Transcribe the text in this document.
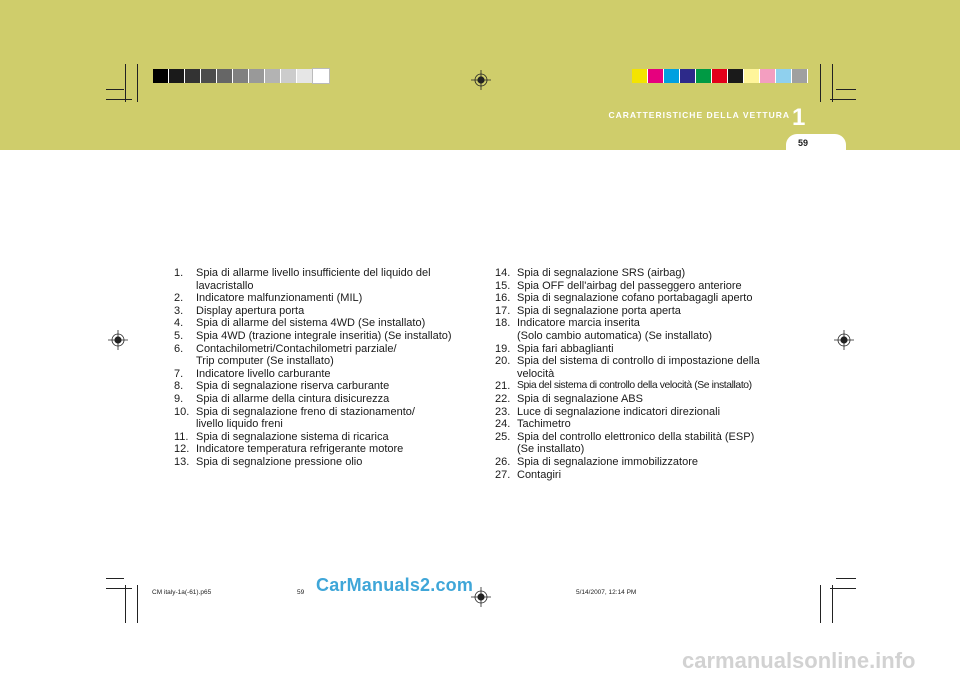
CARATTERISTICHE DELLA VETTURA 1
59
1.	Spia di allarme livello insufficiente del liquido del
lavacristallo
2.	Indicatore malfunzionamenti (MIL)
3.	Display apertura porta
4.	Spia di allarme del sistema 4WD (Se installato)
5.	Spia 4WD (trazione integrale inseritia) (Se installato)
6.	Contachilometri/Contachilometri parziale/
Trip computer (Se installato)
7.	Indicatore livello carburante
8.	Spia di segnalazione riserva carburante
9.	Spia di allarme della cintura disicurezza
10. Spia di segnalazione freno di stazionamento/
livello liquido freni
11. Spia di segnalazione sistema di ricarica
12. Indicatore temperatura refrigerante motore
13. Spia di segnalzione pressione olio
14. Spia di segnalazione SRS (airbag)
15. Spia OFF dell'airbag del passeggero anteriore
16. Spia di segnalazione cofano portabagagli aperto
17. Spia di segnalazione porta aperta
18. Indicatore marcia inserita
(Solo cambio automatica) (Se installato)
19. Spia fari abbaglianti
20. Spia del sistema di controllo di impostazione della
velocità
21. Spia del sistema di controllo della velocità (Se installato)
22. Spia di segnalazione ABS
23. Luce di segnalazione indicatori direzionali
24. Tachimetro
25. Spia del controllo elettronico della stabilità (ESP)
(Se installato)
26. Spia di segnalazione immobilizzatore
27. Contagiri
CM italy-1a(-61).p65	59	5/14/2007, 12:14 PM
CarManuals2.com
carmanualsonline.info
